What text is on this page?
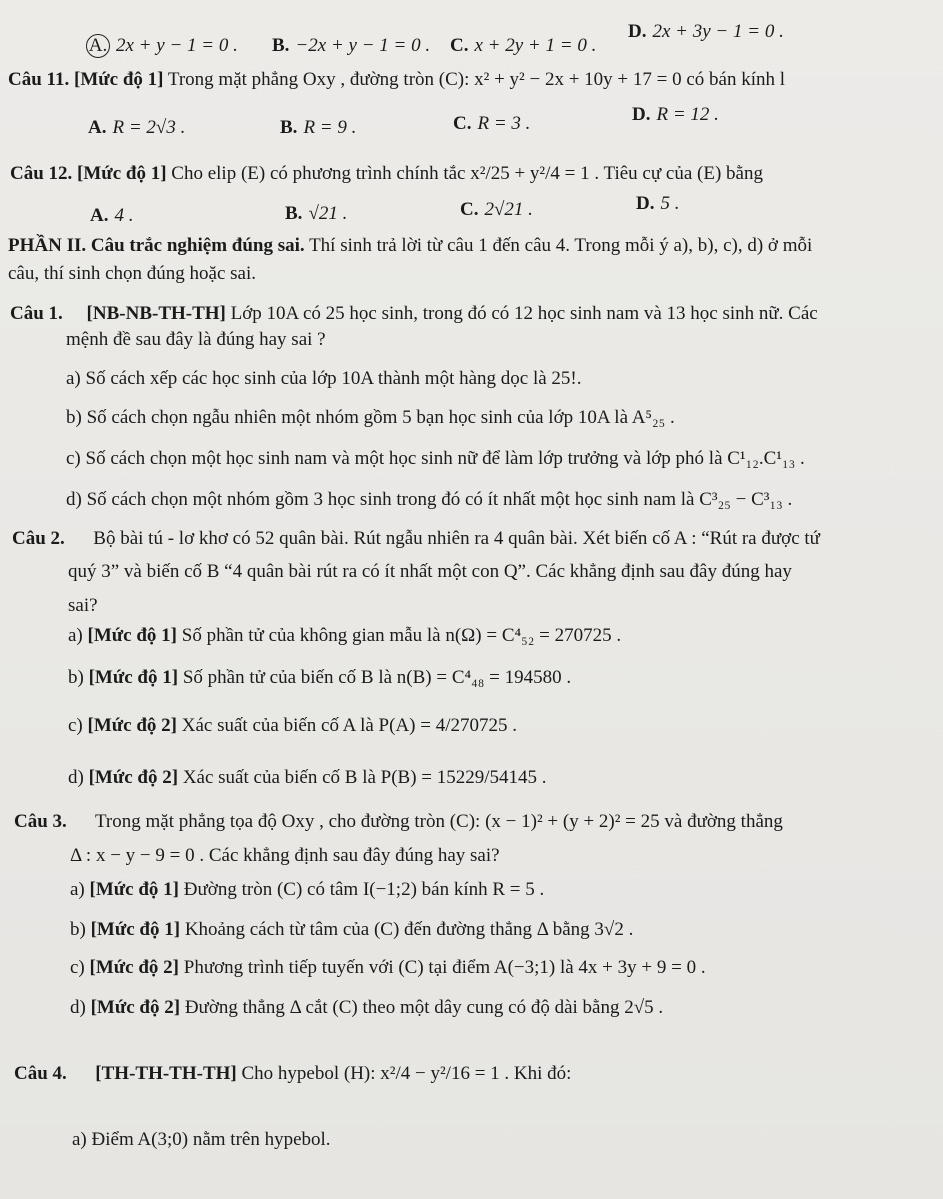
A. 2x + y − 1 = 0 . B. −2x + y − 1 = 0 . C. x + 2y + 1 = 0 .
D. 2x + 3y − 1 = 0 .
Câu 11. [Mức độ 1] Trong mặt phẳng Oxy , đường tròn (C): x² + y² − 2x + 10y + 17 = 0 có bán kính l
A. R = 2√3 .	B. R = 9 .	C. R = 3 .	D. R = 12 .
Câu 12. [Mức độ 1] Cho elip (E) có phương trình chính tắc x²/25 + y²/4 = 1 . Tiêu cự của (E) bằng
A. 4 .	B. √21 .	C. 2√21 .	D. 5 .
PHẦN II. Câu trắc nghiệm đúng sai. Thí sinh trả lời từ câu 1 đến câu 4. Trong mỗi ý a), b), c), d) ở mỗi
câu, thí sinh chọn đúng hoặc sai.
Câu 1. [NB-NB-TH-TH] Lớp 10A có 25 học sinh, trong đó có 12 học sinh nam và 13 học sinh nữ. Các
mệnh đề sau đây là đúng hay sai ?
a) Số cách xếp các học sinh của lớp 10A thành một hàng dọc là 25!.
b) Số cách chọn ngẫu nhiên một nhóm gồm 5 bạn học sinh của lớp 10A là A⁵₂₅ .
c) Số cách chọn một học sinh nam và một học sinh nữ để làm lớp trưởng và lớp phó là C¹₁₂.C¹₁₃ .
d) Số cách chọn một nhóm gồm 3 học sinh trong đó có ít nhất một học sinh nam là C³₂₅ − C³₁₃ .
Câu 2. Bộ bài tú - lơ khơ có 52 quân bài. Rút ngẫu nhiên ra 4 quân bài. Xét biến cố A : “Rút ra được tứ
quý 3” và biến cố B “4 quân bài rút ra có ít nhất một con Q”. Các khẳng định sau đây đúng hay
sai?
a) [Mức độ 1] Số phần tử của không gian mẫu là n(Ω) = C⁴₅₂ = 270725 .
b) [Mức độ 1] Số phần tử của biến cố B là n(B) = C⁴₄₈ = 194580 .
c) [Mức độ 2] Xác suất của biến cố A là P(A) = 4/270725 .
d) [Mức độ 2] Xác suất của biến cố B là P(B) = 15229/54145 .
Câu 3. Trong mặt phẳng tọa độ Oxy , cho đường tròn (C): (x − 1)² + (y + 2)² = 25 và đường thẳng
Δ : x − y − 9 = 0 . Các khẳng định sau đây đúng hay sai?
a) [Mức độ 1] Đường tròn (C) có tâm I(−1;2) bán kính R = 5 .
b) [Mức độ 1] Khoảng cách từ tâm của (C) đến đường thẳng Δ bằng 3√2 .
c) [Mức độ 2] Phương trình tiếp tuyến với (C) tại điểm A(−3;1) là 4x + 3y + 9 = 0 .
d) [Mức độ 2] Đường thẳng Δ cắt (C) theo một dây cung có độ dài bằng 2√5 .
Câu 4. [TH-TH-TH-TH] Cho hypebol (H): x²/4 − y²/16 = 1 . Khi đó:
a) Điểm A(3;0) nằm trên hypebol.
